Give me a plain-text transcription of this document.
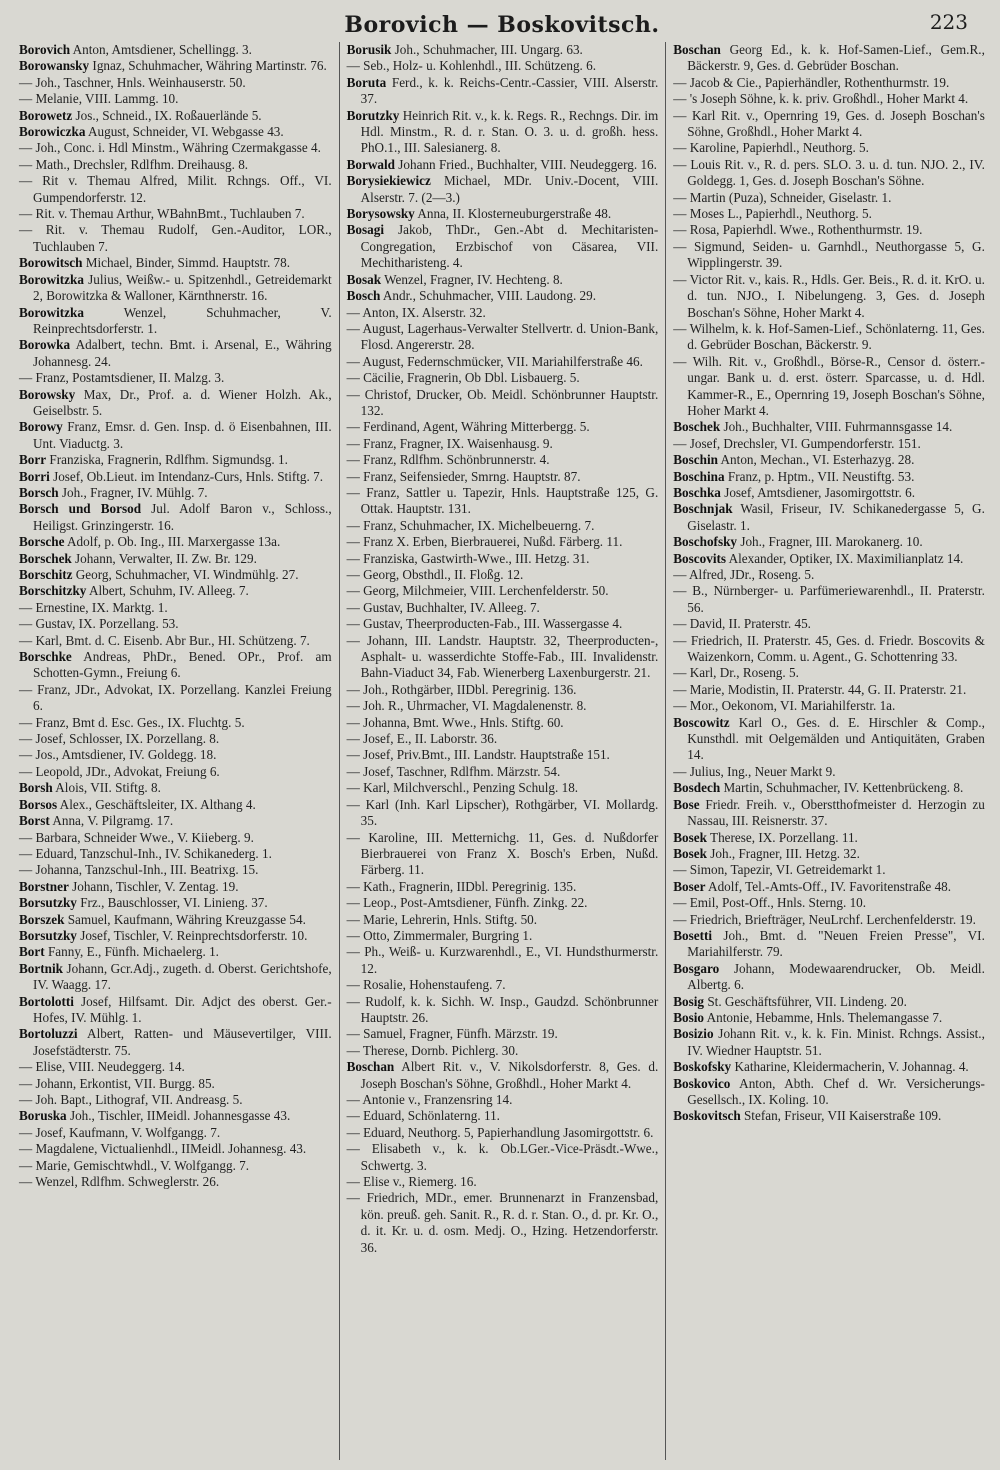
Borovich — Boskovitsch.	223

Borovich Anton, Amtsdiener, Schellingg. 3.

Borowansky Ignaz, Schuhmacher, Währing Martinstr. 76.

— Joh., Taschner, Hnls. Weinhauserstr. 50.

— Melanie, VIII. Lammg. 10.

Borowetz Jos., Schneid., IX. Roßauerlände 5.

Borowiczka August, Schneider, VI. Webgasse 43.

— Joh., Conc. i. Hdl Minstm., Währing Czermakgasse 4.

— Math., Drechsler, Rdlfhm. Dreihausg. 8.

— Rit v. Themau Alfred, Milit. Rchngs. Off., VI. Gumpendorferstr. 12.

— Rit. v. Themau Arthur, WBahnBmt., Tuchlauben 7.

— Rit. v. Themau Rudolf, Gen.-Auditor, LOR., Tuchlauben 7.

Borowitsch Michael, Binder, Simmd. Hauptstr. 78.

Borowitzka Julius, Weißw.- u. Spitzenhdl., Getreidemarkt 2, Borowitzka & Walloner, Kärnthnerstr. 16.

Borowitzka Wenzel, Schuhmacher, V. Reinprechtsdorferstr. 1.

Borowka Adalbert, techn. Bmt. i. Arsenal, E., Währing Johannesg. 24.

— Franz, Postamtsdiener, II. Malzg. 3.

Borowsky Max, Dr., Prof. a. d. Wiener Holzh. Ak., Geiselbstr. 5.

Borowy Franz, Emsr. d. Gen. Insp. d. ö Eisenbahnen, III. Unt. Viaductg. 3.

Borr Franziska, Fragnerin, Rdlfhm. Sigmundsg. 1.

Borri Josef, Ob.Lieut. im Intendanz-Curs, Hnls. Stiftg. 7.

Borsch Joh., Fragner, IV. Mühlg. 7.

Borsch und Borsod Jul. Adolf Baron v., Schloss., Heiligst. Grinzingerstr. 16.

Borsche Adolf, p. Ob. Ing., III. Marxergasse 13a.

Borschek Johann, Verwalter, II. Zw. Br. 129.

Borschitz Georg, Schuhmacher, VI. Windmühlg. 27.

Borschitzky Albert, Schuhm, IV. Alleeg. 7.

— Ernestine, IX. Marktg. 1.

— Gustav, IX. Porzellang. 53.

— Karl, Bmt. d. C. Eisenb. Abr Bur., HI. Schützeng. 7.

Borschke Andreas, PhDr., Bened. OPr., Prof. am Schotten-Gymn., Freiung 6.

— Franz, JDr., Advokat, IX. Porzellang. Kanzlei Freiung 6.

— Franz, Bmt d. Esc. Ges., IX. Fluchtg. 5.

— Josef, Schlosser, IX. Porzellang. 8.

— Jos., Amtsdiener, IV. Goldegg. 18.

— Leopold, JDr., Advokat, Freiung 6.

Borsh Alois, VII. Stiftg. 8.

Borsos Alex., Geschäftsleiter, IX. Althang 4.

Borst Anna, V. Pilgramg. 17.

— Barbara, Schneider Wwe., V. Kiieberg. 9.

— Eduard, Tanzschul-Inh., IV. Schikanederg. 1.

— Johanna, Tanzschul-Inh., III. Beatrixg. 15.

Borstner Johann, Tischler, V. Zentag. 19.

Borsutzky Frz., Bauschlosser, VI. Linieng. 37.

Borszek Samuel, Kaufmann, Währing Kreuzgasse 54.

Borsutzky Josef, Tischler, V. Reinprechtsdorferstr. 10.

Bort Fanny, E., Fünfh. Michaelerg. 1.

Bortnik Johann, Gcr.Adj., zugeth. d. Oberst. Gerichtshofe, IV. Waagg. 17.

Bortolotti Josef, Hilfsamt. Dir. Adjct des oberst. Ger.-Hofes, IV. Mühlg. 1.

Bortoluzzi Albert, Ratten- und Mäusevertilger, VIII. Josefstädterstr. 75.

— Elise, VIII. Neudeggerg. 14.

— Johann, Erkontist, VII. Burgg. 85.

— Joh. Bapt., Lithograf, VII. Andreasg. 5.

Boruska Joh., Tischler, IIMeidl. Johannesgasse 43.

— Josef, Kaufmann, V. Wolfgangg. 7.

— Magdalene, Victualienhdl., IIMeidl. Johannesg. 43.

— Marie, Gemischtwhdl., V. Wolfgangg. 7.

— Wenzel, Rdlfhm. Schweglerstr. 26.

Borusik Joh., Schuhmacher, III. Ungarg. 63.

— Seb., Holz- u. Kohlenhdl., III. Schützeng. 6.

Boruta Ferd., k. k. Reichs-Centr.-Cassier, VIII. Alserstr. 37.

Borutzky Heinrich Rit. v., k. k. Regs. R., Rechngs. Dir. im Hdl. Minstm., R. d. r. Stan. O. 3. u. d. großh. hess. PhO.1., III. Salesianerg. 8.

Borwald Johann Fried., Buchhalter, VIII. Neudeggerg. 16.

Borysiekiewicz Michael, MDr. Univ.-Docent, VIII. Alserstr. 7. (2—3.)

Borysowsky Anna, II. Klosterneuburgerstraße 48.

Bosagi Jakob, ThDr., Gen.-Abt d. Mechitaristen-Congregation, Erzbischof von Cäsarea, VII. Mechitharisteng. 4.

Bosak Wenzel, Fragner, IV. Hechteng. 8.

Bosch Andr., Schuhmacher, VIII. Laudong. 29.

— Anton, IX. Alserstr. 32.

— August, Lagerhaus-Verwalter Stellvertr. d. Union-Bank, Flosd. Angererstr. 28.

— August, Federnschmücker, VII. Mariahilferstraße 46.

— Cäcilie, Fragnerin, Ob Dbl. Lisbauerg. 5.

— Christof, Drucker, Ob. Meidl. Schönbrunner Hauptstr. 132.

— Ferdinand, Agent, Währing Mitterbergg. 5.

— Franz, Fragner, IX. Waisenhausg. 9.

— Franz, Rdlfhm. Schönbrunnerstr. 4.

— Franz, Seifensieder, Smrng. Hauptstr. 87.

— Franz, Sattler u. Tapezir, Hnls. Hauptstraße 125, G. Ottak. Hauptstr. 131.

— Franz, Schuhmacher, IX. Michelbeuerng. 7.

— Franz X. Erben, Bierbrauerei, Nußd. Färberg. 11.

— Franziska, Gastwirth-Wwe., III. Hetzg. 31.

— Georg, Obsthdl., II. Floßg. 12.

— Georg, Milchmeier, VIII. Lerchenfelderstr. 50.

— Gustav, Buchhalter, IV. Alleeg. 7.

— Gustav, Theerproducten-Fab., III. Wassergasse 4.

— Johann, III. Landstr. Hauptstr. 32, Theerproducten-, Asphalt- u. wasserdichte Stoffe-Fab., III. Invalidenstr. Bahn-Viaduct 34, Fab. Wienerberg Laxenburgerstr. 21.

— Joh., Rothgärber, IIDbl. Peregrinig. 136.

— Joh. R., Uhrmacher, VI. Magdalenenstr. 8.

— Johanna, Bmt. Wwe., Hnls. Stiftg. 60.

— Josef, E., II. Laborstr. 36.

— Josef, Priv.Bmt., III. Landstr. Hauptstraße 151.

— Josef, Taschner, Rdlfhm. Märzstr. 54.

— Karl, Milchverschl., Penzing Schulg. 18.

— Karl (Inh. Karl Lipscher), Rothgärber, VI. Mollardg. 35.

— Karoline, III. Metternichg. 11, Ges. d. Nußdorfer Bierbrauerei von Franz X. Bosch's Erben, Nußd. Färberg. 11.

— Kath., Fragnerin, IIDbl. Peregrinig. 135.

— Leop., Post-Amtsdiener, Fünfh. Zinkg. 22.

— Marie, Lehrerin, Hnls. Stiftg. 50.

— Otto, Zimmermaler, Burgring 1.

— Ph., Weiß- u. Kurzwarenhdl., E., VI. Hundsthurmerstr. 12.

— Rosalie, Hohenstaufeng. 7.

— Rudolf, k. k. Sichh. W. Insp., Gaudzd. Schönbrunner Hauptstr. 26.

— Samuel, Fragner, Fünfh. Märzstr. 19.

— Therese, Dornb. Pichlerg. 30.

Boschan Albert Rit. v., V. Nikolsdorferstr. 8, Ges. d. Joseph Boschan's Söhne, Großhdl., Hoher Markt 4.

— Antonie v., Franzensring 14.

— Eduard, Schönlaterng. 11.

— Eduard, Neuthorg. 5, Papierhandlung Jasomirgottstr. 6.

— Elisabeth v., k. k. Ob.LGer.-Vice-Präsdt.-Wwe., Schwertg. 3.

— Elise v., Riemerg. 16.

— Friedrich, MDr., emer. Brunnenarzt in Franzensbad, kön. preuß. geh. Sanit. R., R. d. r. Stan. O., d. pr. Kr. O., d. it. Kr. u. d. osm. Medj. O., Hzing. Hetzendorferstr. 36.

Boschan Georg Ed., k. k. Hof-Samen-Lief., Gem.R., Bäckerstr. 9, Ges. d. Gebrüder Boschan.

— Jacob & Cie., Papierhändler, Rothenthurmstr. 19.

— 's Joseph Söhne, k. k. priv. Großhdl., Hoher Markt 4.

— Karl Rit. v., Opernring 19, Ges. d. Joseph Boschan's Söhne, Großhdl., Hoher Markt 4.

— Karoline, Papierhdl., Neuthorg. 5.

— Louis Rit. v., R. d. pers. SLO. 3. u. d. tun. NJO. 2., IV. Goldegg. 1, Ges. d. Joseph Boschan's Söhne.

— Martin (Puza), Schneider, Giselastr. 1.

— Moses L., Papierhdl., Neuthorg. 5.

— Rosa, Papierhdl. Wwe., Rothenthurmstr. 19.

— Sigmund, Seiden- u. Garnhdl., Neuthorgasse 5, G. Wipplingerstr. 39.

— Victor Rit. v., kais. R., Hdls. Ger. Beis., R. d. it. KrO. u. d. tun. NJO., I. Nibelungeng. 3, Ges. d. Joseph Boschan's Söhne, Hoher Markt 4.

— Wilhelm, k. k. Hof-Samen-Lief., Schönlaterng. 11, Ges. d. Gebrüder Boschan, Bäckerstr. 9.

— Wilh. Rit. v., Großhdl., Börse-R., Censor d. österr.-ungar. Bank u. d. erst. österr. Sparcasse, u. d. Hdl. Kammer-R., E., Opernring 19, Joseph Boschan's Söhne, Hoher Markt 4.

Boschek Joh., Buchhalter, VIII. Fuhrmannsgasse 14.

— Josef, Drechsler, VI. Gumpendorferstr. 151.

Boschin Anton, Mechan., VI. Esterhazyg. 28.

Boschina Franz, p. Hptm., VII. Neustiftg. 53.

Boschka Josef, Amtsdiener, Jasomirgottstr. 6.

Boschnjak Wasil, Friseur, IV. Schikanedergasse 5, G. Giselastr. 1.

Boschofsky Joh., Fragner, III. Marokanerg. 10.

Boscovits Alexander, Optiker, IX. Maximilianplatz 14.

— Alfred, JDr., Roseng. 5.

— B., Nürnberger- u. Parfümeriewarenhdl., II. Praterstr. 56.

— David, II. Praterstr. 45.

— Friedrich, II. Praterstr. 45, Ges. d. Friedr. Boscovits & Waizenkorn, Comm. u. Agent., G. Schottenring 33.

— Karl, Dr., Roseng. 5.

— Marie, Modistin, II. Praterstr. 44, G. II. Praterstr. 21.

— Mor., Oekonom, VI. Mariahilferstr. 1a.

Boscowitz Karl O., Ges. d. E. Hirschler & Comp., Kunsthdl. mit Oelgemälden und Antiquitäten, Graben 14.

— Julius, Ing., Neuer Markt 9.

Bosdech Martin, Schuhmacher, IV. Kettenbrückeng. 8.

Bose Friedr. Freih. v., Oberstthofmeister d. Herzogin zu Nassau, III. Reisnerstr. 37.

Bosek Therese, IX. Porzellang. 11.

Bosek Joh., Fragner, III. Hetzg. 32.

— Simon, Tapezir, VI. Getreidemarkt 1.

Boser Adolf, Tel.-Amts-Off., IV. Favoritenstraße 48.

— Emil, Post-Off., Hnls. Sterng. 10.

— Friedrich, Briefträger, NeuLrchf. Lerchenfelderstr. 19.

Bosetti Joh., Bmt. d. "Neuen Freien Presse", VI. Mariahilferstr. 79.

Bosgaro Johann, Modewaarendrucker, Ob. Meidl. Albertg. 6.

Bosig St. Geschäftsführer, VII. Lindeng. 20.

Bosio Antonie, Hebamme, Hnls. Thelemangasse 7.

Bosizio Johann Rit. v., k. k. Fin. Minist. Rchngs. Assist., IV. Wiedner Hauptstr. 51.

Boskofsky Katharine, Kleidermacherin, V. Johannag. 4.

Boskovico Anton, Abth. Chef d. Wr. Versicherungs-Gesellsch., IX. Koling. 10.

Boskovitsch Stefan, Friseur, VII Kaiserstraße 109.
